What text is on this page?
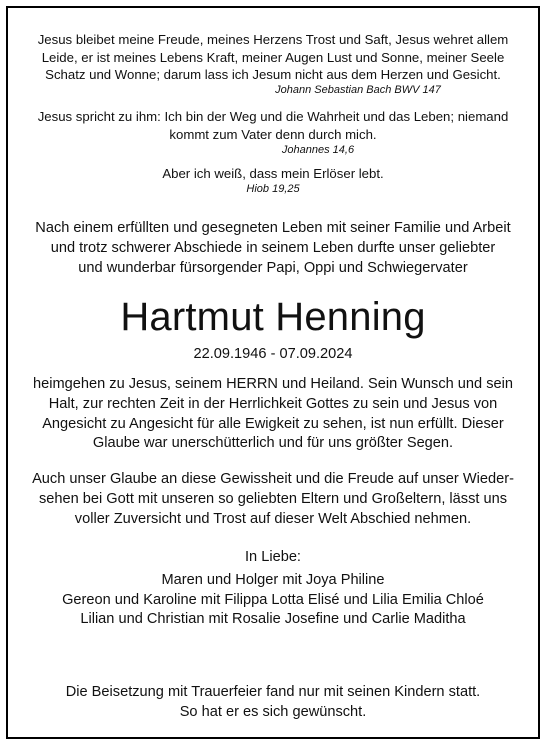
Jesus bleibet meine Freude, meines Herzens Trost und Saft, Jesus wehret allem
Leide, er ist meines Lebens Kraft, meiner Augen Lust und Sonne, meiner Seele
Schatz und Wonne; darum lass ich Jesum nicht aus dem Herzen und Gesicht.
Johann Sebastian Bach BWV 147
Jesus spricht zu ihm: Ich bin der Weg und die Wahrheit und das Leben; niemand
kommt zum Vater denn durch mich.
Johannes 14,6
Aber ich weiß, dass mein Erlöser lebt.
Hiob 19,25
Nach einem erfüllten und gesegneten Leben mit seiner Familie und Arbeit
und trotz schwerer Abschiede in seinem Leben durfte unser geliebter
und wunderbar fürsorgender Papi, Oppi und Schwiegervater
Hartmut Henning
22.09.1946 - 07.09.2024
heimgehen zu Jesus, seinem HERRN und Heiland. Sein Wunsch und sein
Halt, zur rechten Zeit in der Herrlichkeit Gottes zu sein und Jesus von
Angesicht zu Angesicht für alle Ewigkeit zu sehen, ist nun erfüllt. Dieser
Glaube war unerschütterlich und für uns größter Segen.
Auch unser Glaube an diese Gewissheit und die Freude auf unser Wieder-
sehen bei Gott mit unseren so geliebten Eltern und Großeltern, lässt uns
voller Zuversicht und Trost auf dieser Welt Abschied nehmen.
In Liebe:
Maren und Holger mit Joya Philine
Gereon und Karoline mit Filippa Lotta Elisé und Lilia Emilia Chloé
Lilian und Christian mit Rosalie Josefine und Carlie Maditha
Die Beisetzung mit Trauerfeier fand nur mit seinen Kindern statt.
So hat er es sich gewünscht.
